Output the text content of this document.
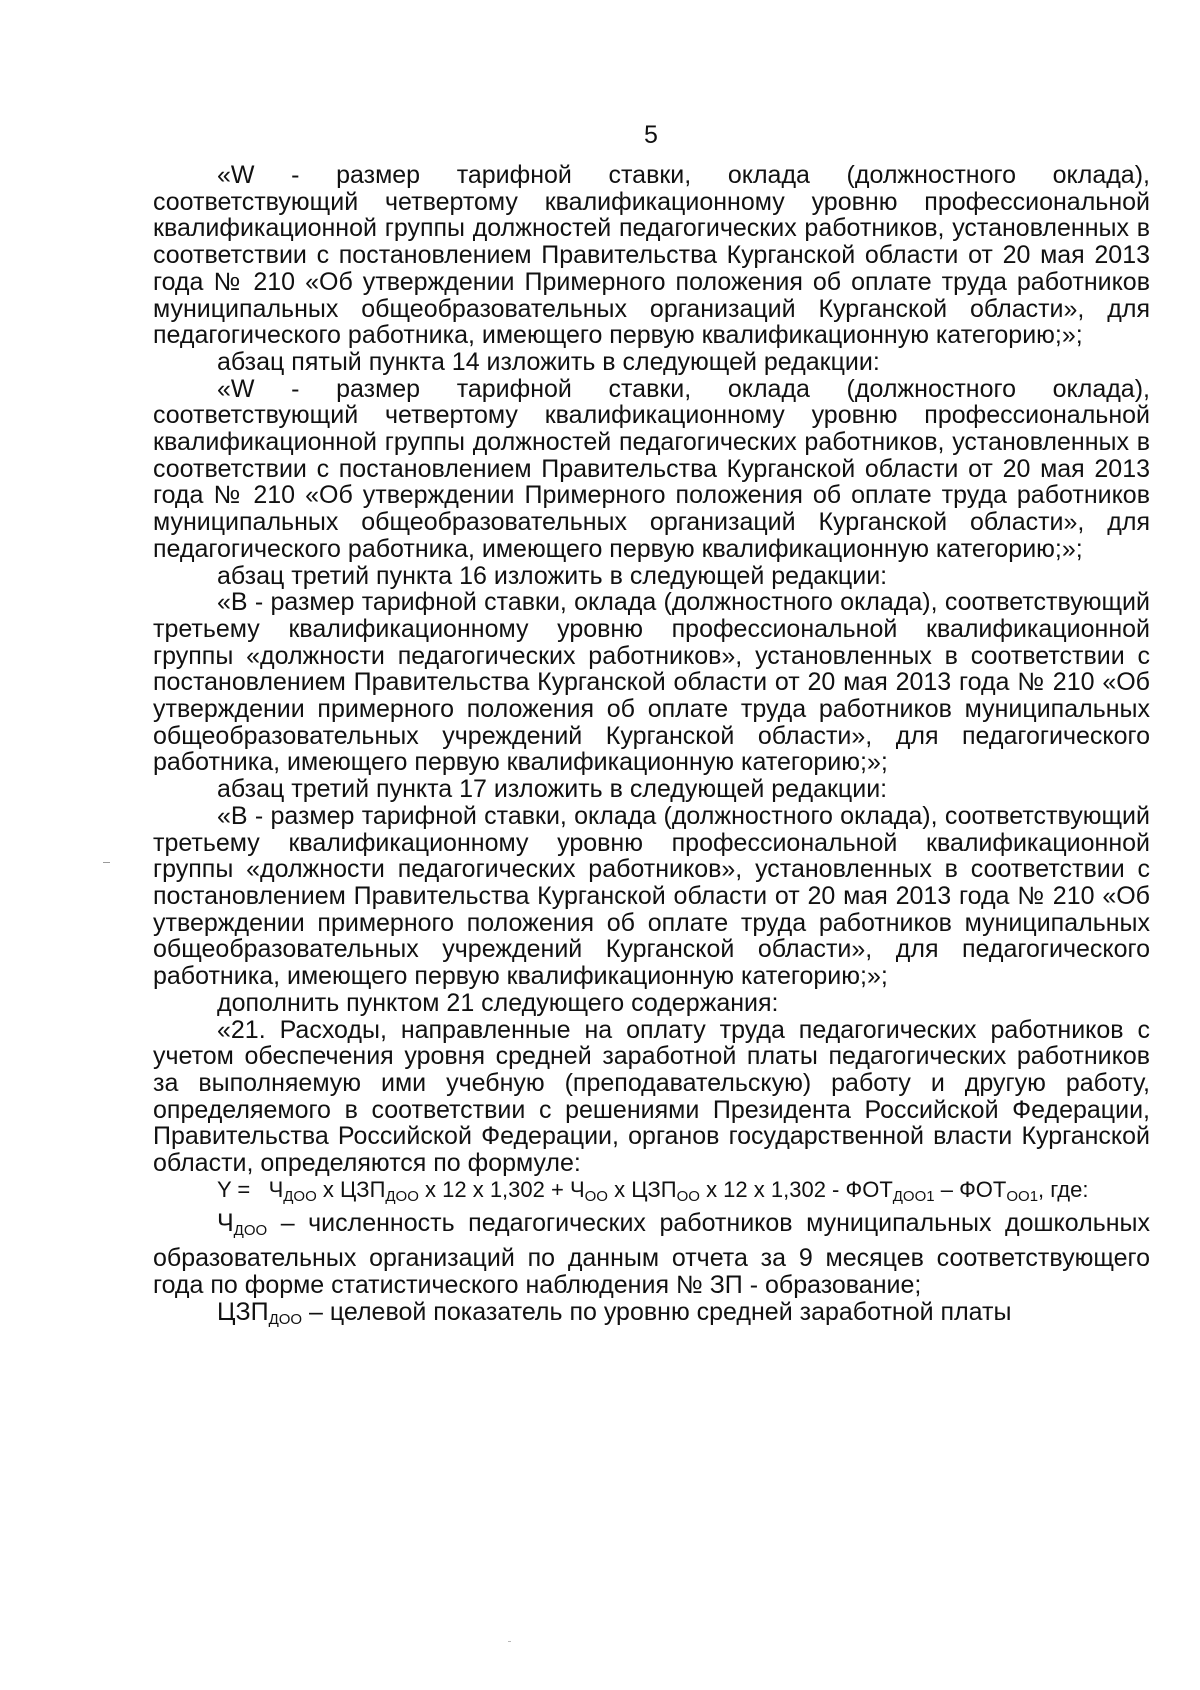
5

«W - размер тарифной ставки, оклада (должностного оклада), соответствующий четвертому квалификационному уровню профессиональной квалификационной группы должностей педагогических работников, установленных в соответствии с постановлением Правительства Курганской области от 20 мая 2013 года № 210 «Об утверждении Примерного положения об оплате труда работников муниципальных общеобразовательных организаций Курганской области», для педагогического работника, имеющего первую квалификационную категорию;»;

абзац пятый пункта 14 изложить в следующей редакции:

«W - размер тарифной ставки, оклада (должностного оклада), соответствующий четвертому квалификационному уровню профессиональной квалификационной группы должностей педагогических работников, установленных в соответствии с постановлением Правительства Курганской области от 20 мая 2013 года № 210 «Об утверждении Примерного положения об оплате труда работников муниципальных общеобразовательных организаций Курганской области», для педагогического работника, имеющего первую квалификационную категорию;»;

абзац третий пункта 16 изложить в следующей редакции:

«В - размер тарифной ставки, оклада (должностного оклада), соответствующий третьему квалификационному уровню профессиональной квалификационной группы «должности педагогических работников», установленных в соответствии с постановлением Правительства Курганской области от 20 мая 2013 года № 210 «Об утверждении примерного положения об оплате труда работников муниципальных общеобразовательных учреждений Курганской области», для педагогического работника, имеющего первую квалификационную категорию;»;

абзац третий пункта 17 изложить в следующей редакции:

«В - размер тарифной ставки, оклада (должностного оклада), соответствующий третьему квалификационному уровню профессиональной квалификационной группы «должности педагогических работников», установленных в соответствии с постановлением Правительства Курганской области от 20 мая 2013 года № 210 «Об утверждении примерного положения об оплате труда работников муниципальных общеобразовательных учреждений Курганской области», для педагогического работника, имеющего первую квалификационную категорию;»;

дополнить пунктом 21 следующего содержания:

«21. Расходы, направленные на оплату труда педагогических работников с учетом обеспечения уровня средней заработной платы педагогических работников за выполняемую ими учебную (преподавательскую) работу и другую работу, определяемого в соответствии с решениями Президента Российской Федерации, Правительства Российской Федерации, органов государственной власти Курганской области, определяются по формуле:

$Y = Ч_{ДОО}$ x $ЦЗП_{ДОО}$ x 12 x $1,302 + Ч_{ОО}$ x $ЦЗП_{ОО}$ x 12 x $1,302 - ФОТ_{ДОО1} - ФОТ_{ОО1}$, где:

ЧДОО – численность педагогических работников муниципальных дошкольных образовательных организаций по данным отчета за 9 месяцев соответствующего года по форме статистического наблюдения № ЗП - образование;

ЦЗПДОО – целевой показатель по уровню средней заработной платы
